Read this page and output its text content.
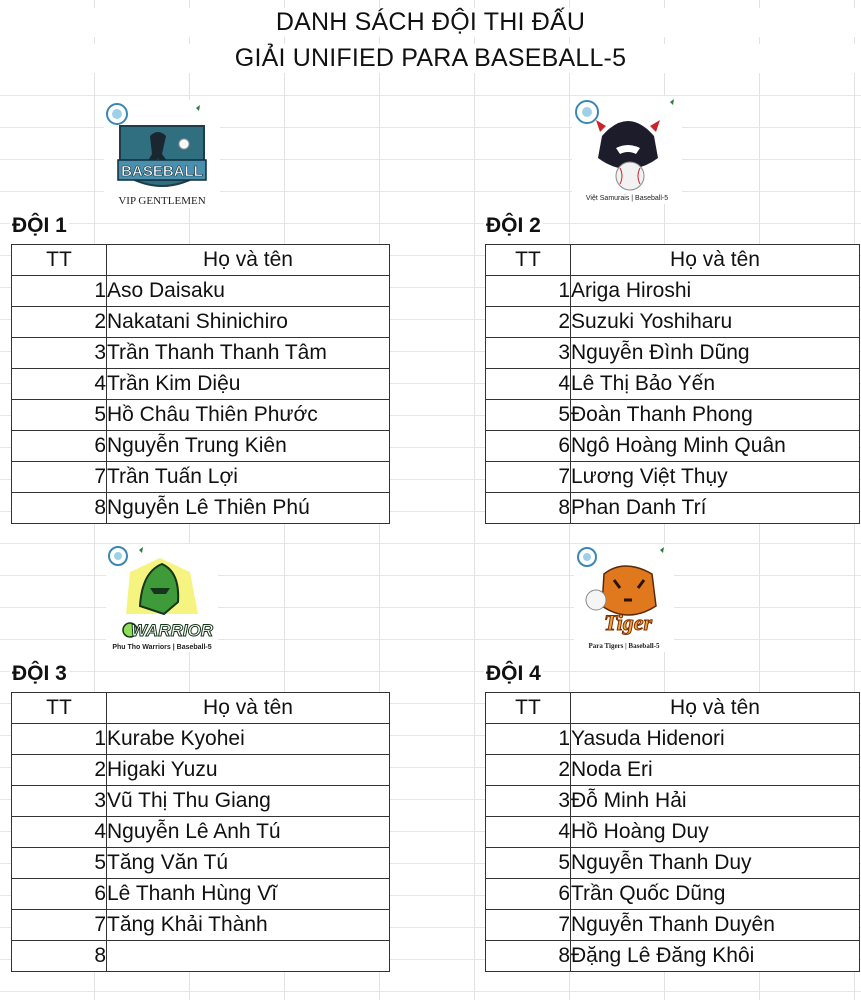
DANH SÁCH ĐỘI THI ĐẤU
GIẢI UNIFIED PARA BASEBALL-5
BASEBALL
VIP GENTLEMEN	Việt Samurais | Baseball-5
ĐỘI 1	ĐỘI 2
TT	Họ và tên
1	Aso Daisaku
2	Nakatani Shinichiro
3	Trần Thanh Thanh Tâm
4	Trần Kim Diệu
5	Hồ Châu Thiên Phước
6	Nguyễn Trung Kiên
7	Trần Tuấn Lợi
8	Nguyễn Lê Thiên Phú
TT	Họ và tên
1	Ariga Hiroshi
2	Suzuki Yoshiharu
3	Nguyễn Đình Dũng
4	Lê Thị Bảo Yến
5	Đoàn Thanh Phong
6	Ngô Hoàng Minh Quân
7	Lương Việt Thụy
8	Phan Danh Trí
WARRIOR
Phu Tho Warriors | Baseball-5
Tiger
Para Tigers | Baseball-5
ĐỘI 3	ĐỘI 4
TT	Họ và tên
1	Kurabe Kyohei
2	Higaki Yuzu
3	Vũ Thị Thu Giang
4	Nguyễn Lê Anh Tú
5	Tăng Văn Tú
6	Lê Thanh Hùng Vĩ
7	Tăng Khải Thành
8	
TT	Họ và tên
1	Yasuda Hidenori
2	Noda Eri
3	Đỗ Minh Hải
4	Hồ Hoàng Duy
5	Nguyễn Thanh Duy
6	Trần Quốc Dũng
7	Nguyễn Thanh Duyên
8	Đặng Lê Đăng Khôi
